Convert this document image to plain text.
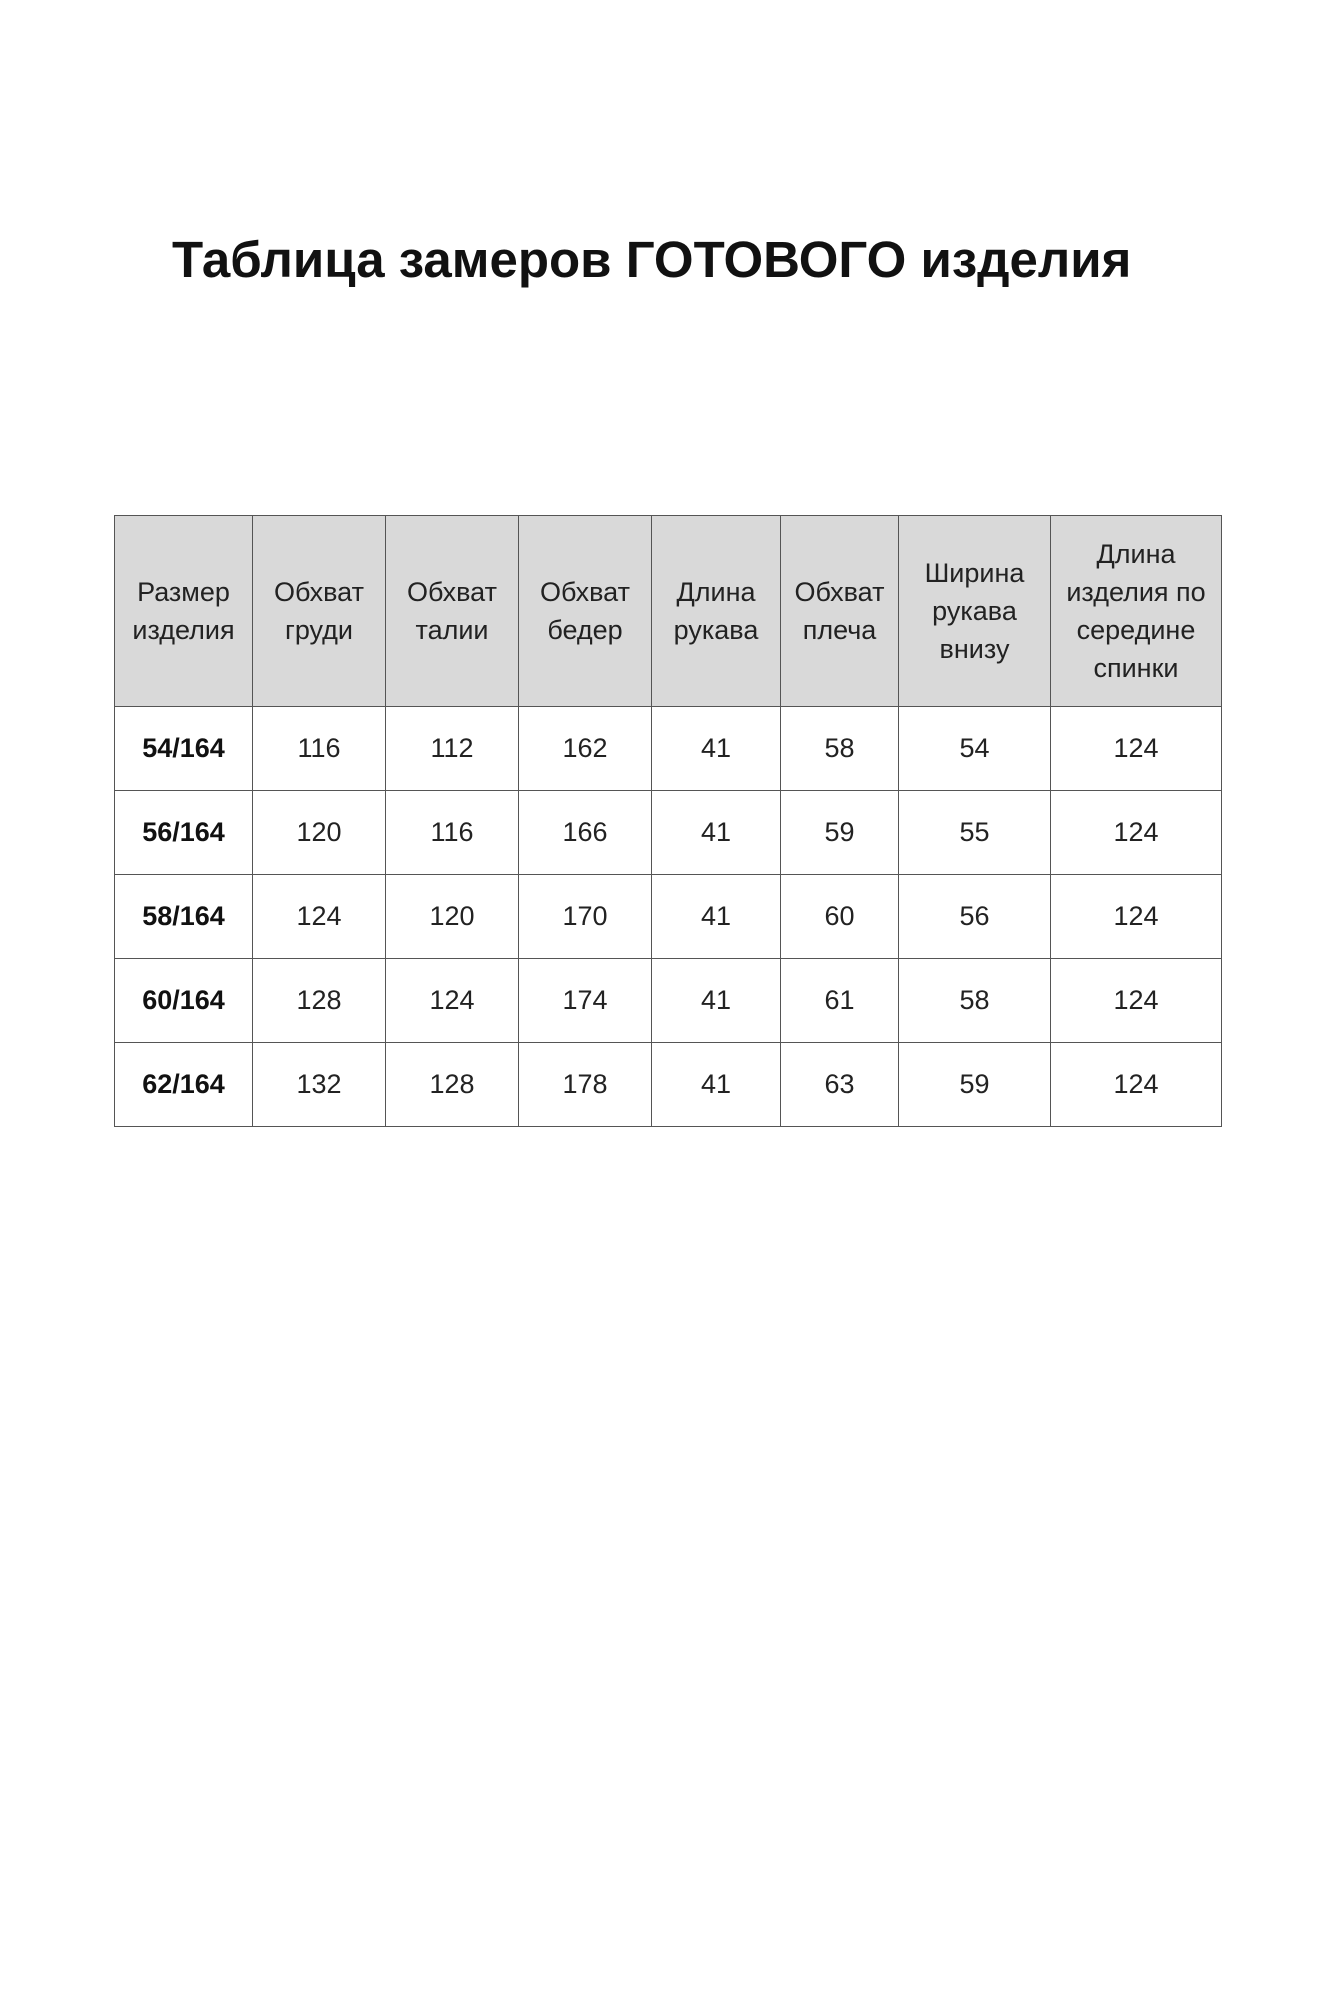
Таблица замеров ГОТОВОГО изделия
Размер изделия	Обхват груди	Обхват талии	Обхват бедер	Длина рукава	Обхват плеча	Ширина рукава внизу	Длина изделия по середине спинки
54/164	116	112	162	41	58	54	124
56/164	120	116	166	41	59	55	124
58/164	124	120	170	41	60	56	124
60/164	128	124	174	41	61	58	124
62/164	132	128	178	41	63	59	124
